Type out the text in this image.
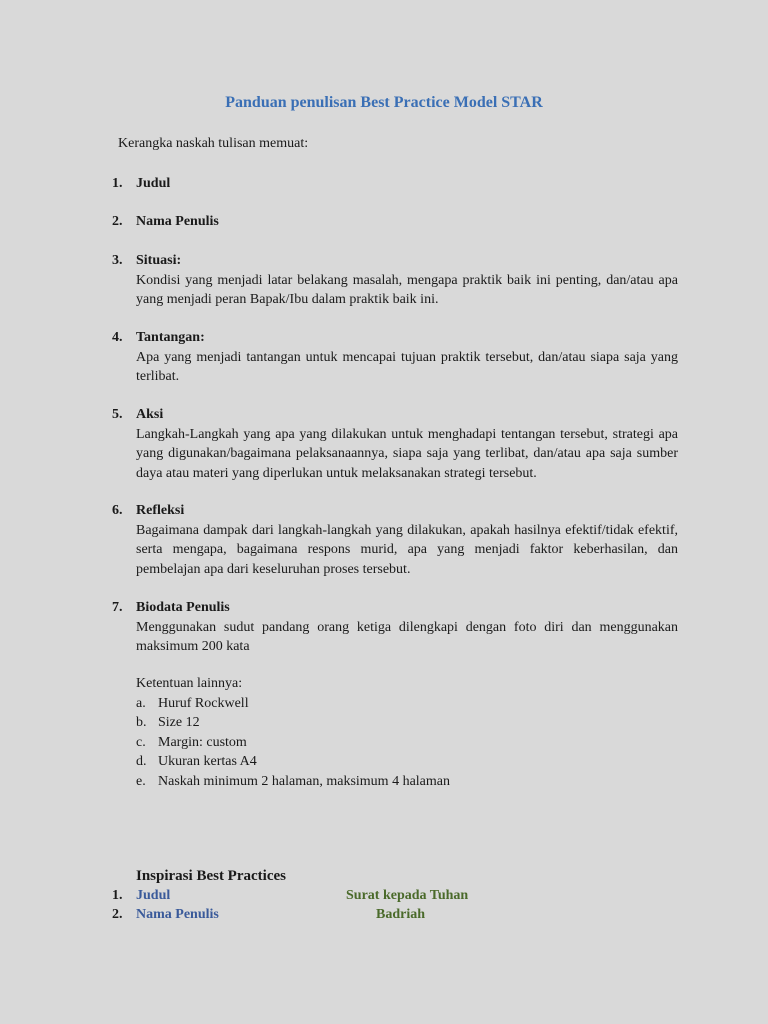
Panduan penulisan Best Practice Model STAR
Kerangka naskah tulisan memuat:
1. Judul
2. Nama Penulis
3. Situasi:
Kondisi yang menjadi latar belakang masalah, mengapa praktik baik ini penting, dan/atau apa yang menjadi peran Bapak/Ibu dalam praktik baik ini.
4. Tantangan:
Apa yang menjadi tantangan untuk mencapai tujuan praktik tersebut, dan/atau siapa saja yang terlibat.
5. Aksi
Langkah-Langkah yang apa yang dilakukan untuk menghadapi tentangan tersebut, strategi apa yang digunakan/bagaimana pelaksanaannya, siapa saja yang terlibat, dan/atau apa saja sumber daya atau materi yang diperlukan untuk melaksanakan strategi tersebut.
6. Refleksi
Bagaimana dampak dari langkah-langkah yang dilakukan, apakah hasilnya efektif/tidak efektif, serta mengapa, bagaimana respons murid, apa yang menjadi faktor keberhasilan, dan pembelajan apa dari keseluruhan proses tersebut.
7. Biodata Penulis
Menggunakan sudut pandang orang ketiga dilengkapi dengan foto diri dan menggunakan maksimum 200 kata
Ketentuan lainnya:
a. Huruf Rockwell
b. Size 12
c. Margin: custom
d. Ukuran kertas A4
e. Naskah minimum 2 halaman, maksimum 4 halaman
Inspirasi Best Practices
1. Judul	Surat kepada Tuhan
2. Nama Penulis	Badriah
